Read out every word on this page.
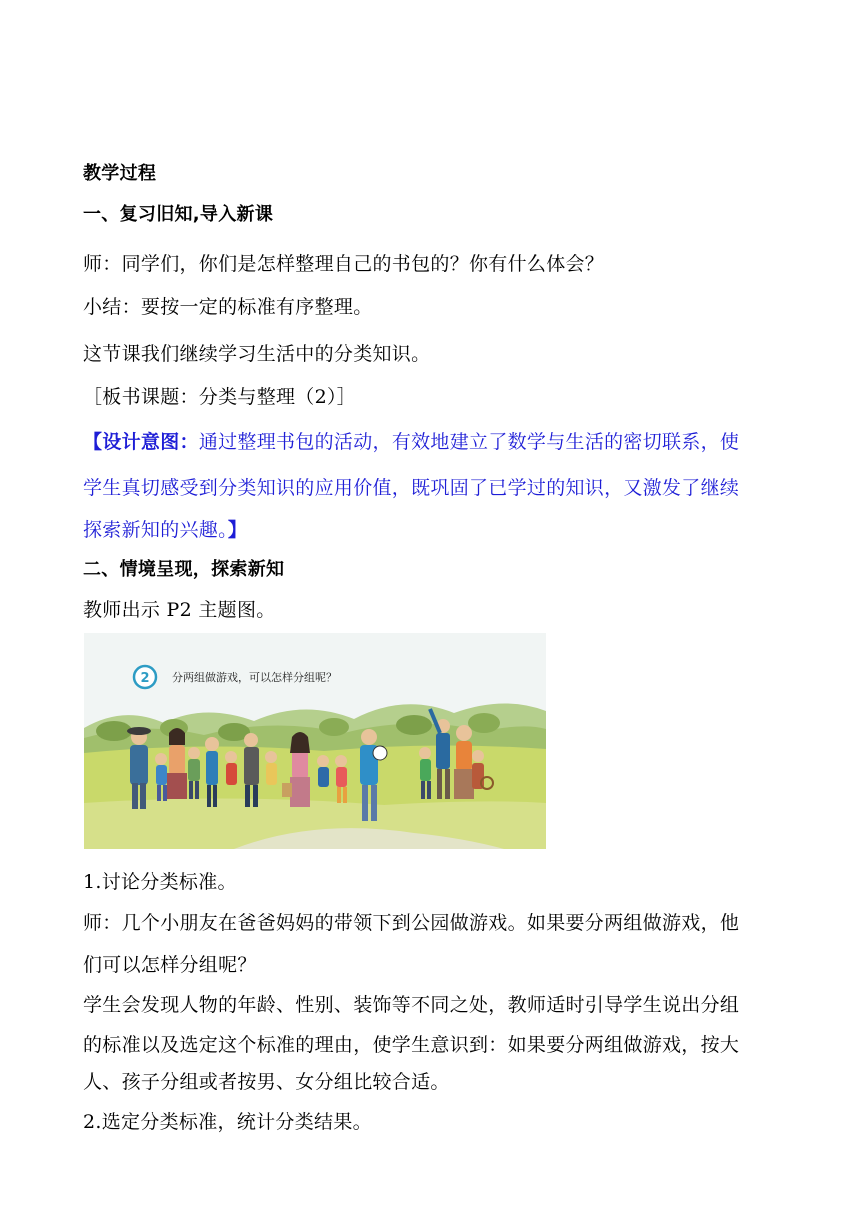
教学过程
一、复习旧知,导入新课
师：同学们，你们是怎样整理自己的书包的？你有什么体会？
小结：要按一定的标准有序整理。
这节课我们继续学习生活中的分类知识。
［板书课题：分类与整理（2）］
【设计意图：通过整理书包的活动，有效地建立了数学与生活的密切联系，使
学生真切感受到分类知识的应用价值，既巩固了已学过的知识，又激发了继续
探索新知的兴趣。】
二、情境呈现，探索新知
教师出示 P2 主题图。
2 分两组做游戏，可以怎样分组呢？
1.讨论分类标准。
师：几个小朋友在爸爸妈妈的带领下到公园做游戏。如果要分两组做游戏，他
们可以怎样分组呢？
学生会发现人物的年龄、性别、装饰等不同之处，教师适时引导学生说出分组
的标准以及选定这个标准的理由，使学生意识到：如果要分两组做游戏，按大
人、孩子分组或者按男、女分组比较合适。
2.选定分类标准，统计分类结果。
